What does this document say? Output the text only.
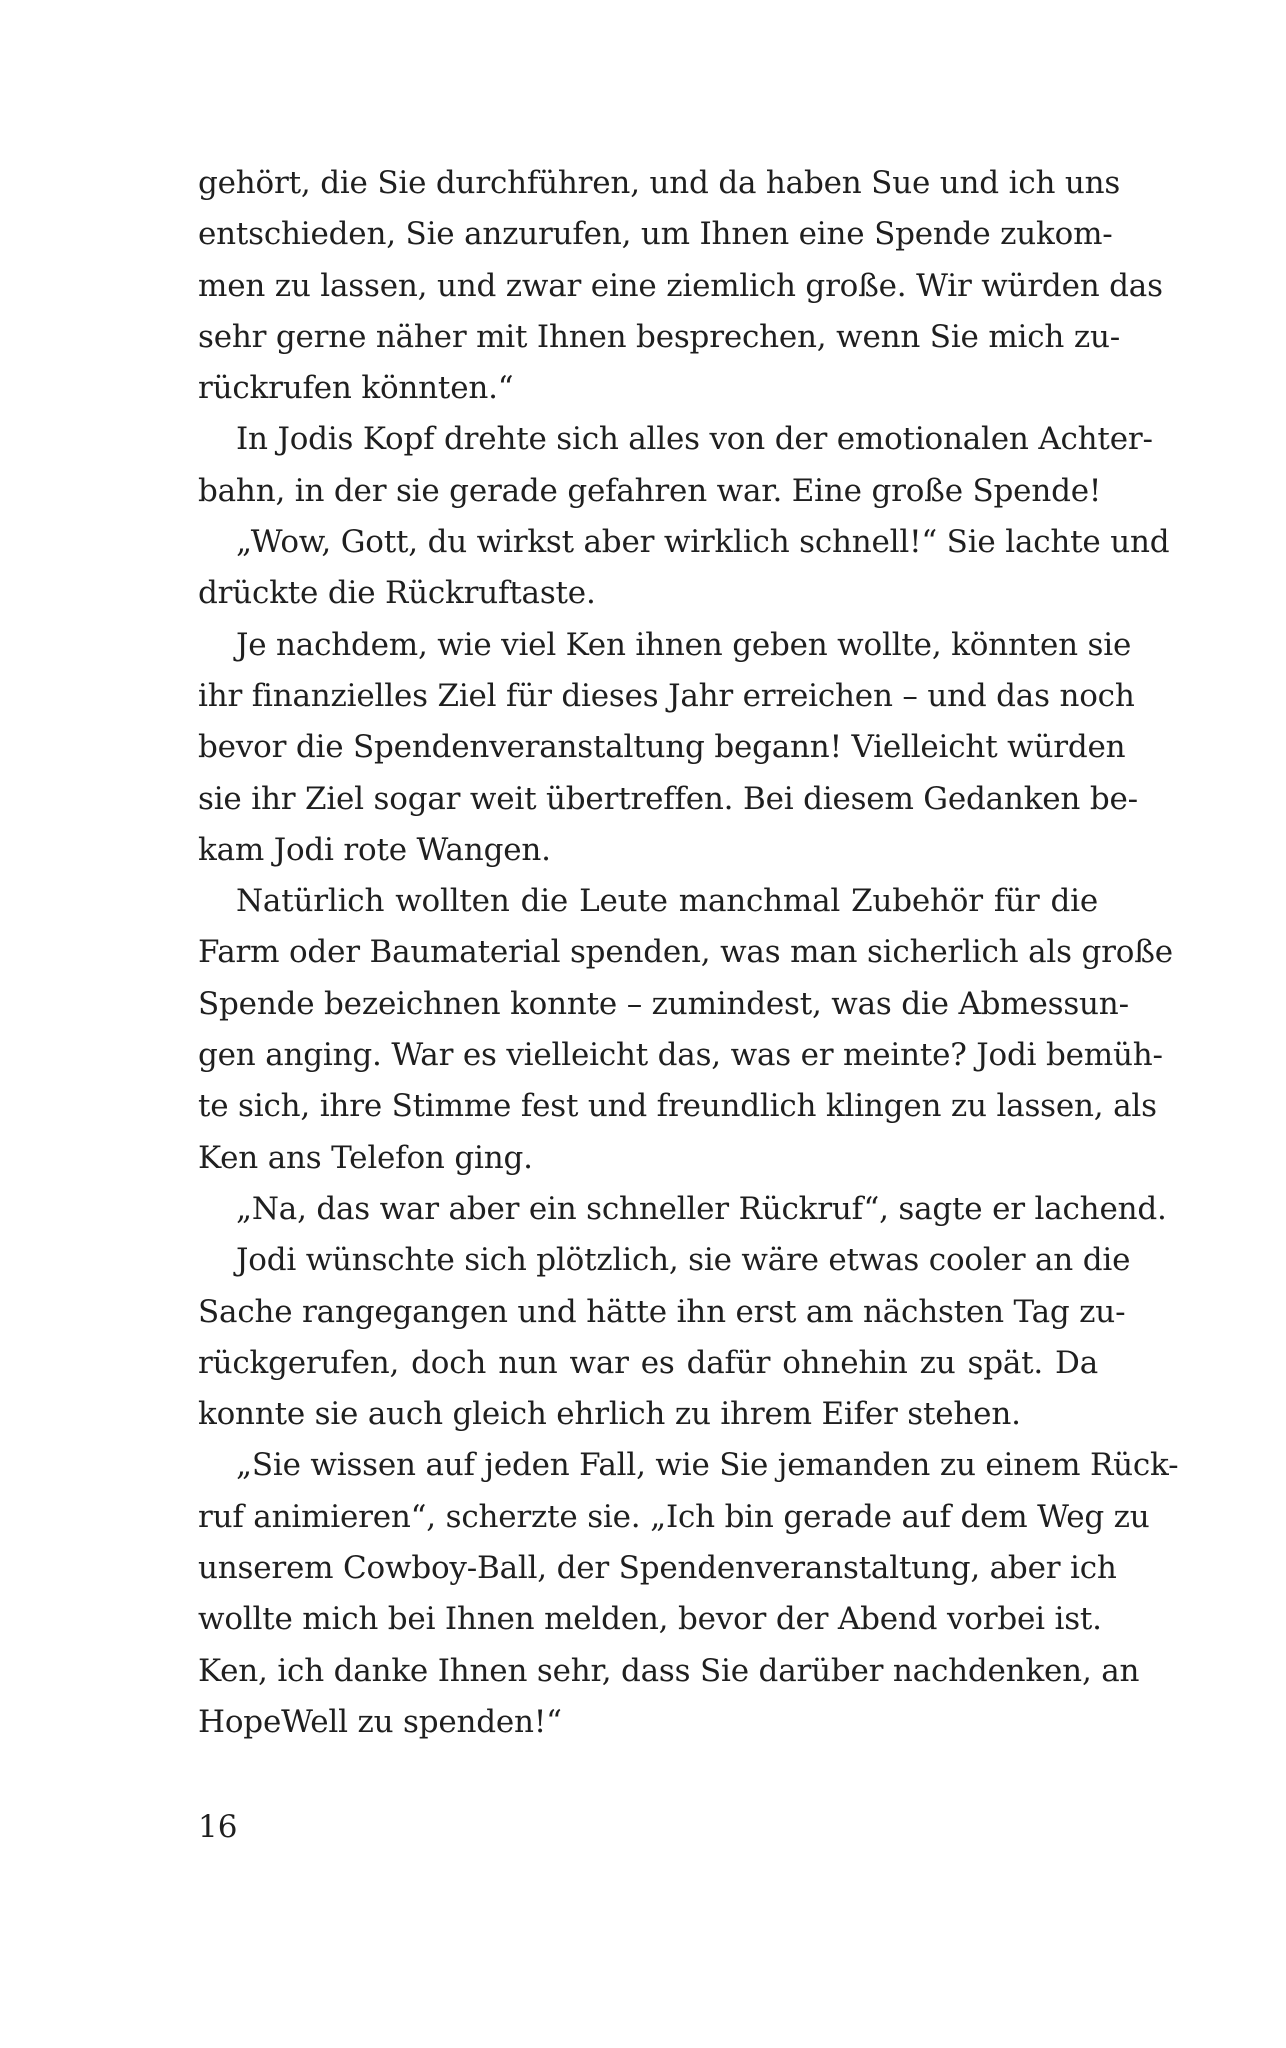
gehört, die Sie durchführen, und da haben Sue und ich uns
entschieden, Sie anzurufen, um Ihnen eine Spende zukom-
men zu lassen, und zwar eine ziemlich große. Wir würden das
sehr gerne näher mit Ihnen besprechen, wenn Sie mich zu-
rückrufen könnten.“
In Jodis Kopf drehte sich alles von der emotionalen Achter-
bahn, in der sie gerade gefahren war. Eine große Spende!
„Wow, Gott, du wirkst aber wirklich schnell!“ Sie lachte und
drückte die Rückruftaste.
Je nachdem, wie viel Ken ihnen geben wollte, könnten sie
ihr finanzielles Ziel für dieses Jahr erreichen – und das noch
bevor die Spendenveranstaltung begann! Vielleicht würden
sie ihr Ziel sogar weit übertreffen. Bei diesem Gedanken be-
kam Jodi rote Wangen.
Natürlich wollten die Leute manchmal Zubehör für die
Farm oder Baumaterial spenden, was man sicherlich als große
Spende bezeichnen konnte – zumindest, was die Abmessun-
gen anging. War es vielleicht das, was er meinte? Jodi bemüh-
te sich, ihre Stimme fest und freundlich klingen zu lassen, als
Ken ans Telefon ging.
„Na, das war aber ein schneller Rückruf“, sagte er lachend.
Jodi wünschte sich plötzlich, sie wäre etwas cooler an die
Sache rangegangen und hätte ihn erst am nächsten Tag zu-
rückgerufen, doch nun war es dafür ohnehin zu spät. Da
konnte sie auch gleich ehrlich zu ihrem Eifer stehen.
„Sie wissen auf jeden Fall, wie Sie jemanden zu einem Rück-
ruf animieren“, scherzte sie. „Ich bin gerade auf dem Weg zu
unserem Cowboy-Ball, der Spendenveranstaltung, aber ich
wollte mich bei Ihnen melden, bevor der Abend vorbei ist.
Ken, ich danke Ihnen sehr, dass Sie darüber nachdenken, an
HopeWell zu spenden!“
16
